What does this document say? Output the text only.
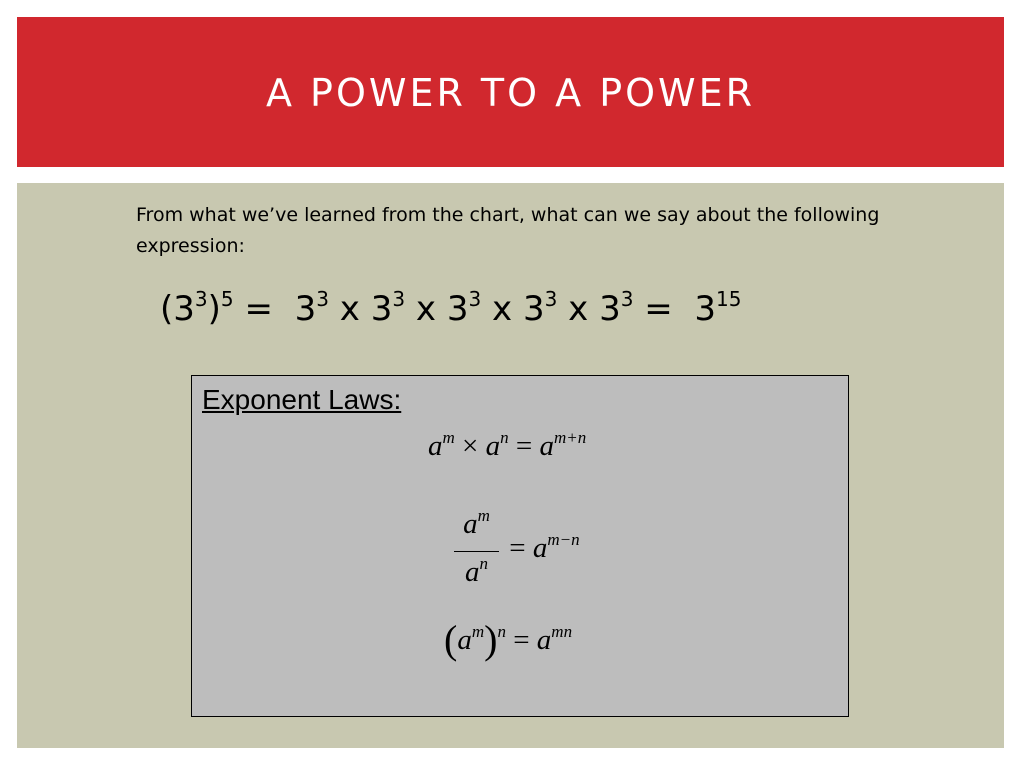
A POWER TO A POWER
From what we’ve learned from the chart, what can we say about the following expression:
$(3^3)^5 = 3^3$ x $3^3$ x $3^3$ x $3^3$ x $3^3 = 3^{15}$
Exponent Laws:
$a^m \times a^n = a^{m+n}$
$a^m$
$a^n = a^{m-n}$
$(a^m)^n = a^{mn}$
